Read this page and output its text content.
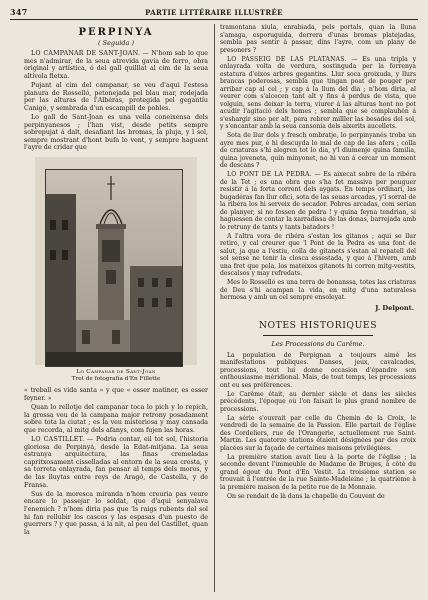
347	PARTIE LITTÉRAIRE ILLUSTRÉE
PERPINYA
( Seguida )

LO CAMPANAR DE SANT-JOAN. — N'hom sab lo que mes n'admirar, de la seua atrevida gavia de ferro, obra original y artística, ó del gall quilllat al cim de la seua altívola fletxa.

Pujant al cim del campanar, se veu d'aqui l'estesa planura de Rosselló, petonejada pel blau mar, rodejada per las alturas de l'Albéras, protegida pel gegantíu Canigó, y sembrada d'un escampill de pobles.

Lo gall de Sant-Joan es una vella coneixensa dels perpinyanesos ; l'han vist, desde petits sempre sobrepujat á dalt, desafiant las bromas, la pluja, y l sol, sempre mostrant d'hont bufa lo vent, y sempre haguent l'ayre de cridar que

Lo Campanar de Sant-Joan
Tret de fotografía d'En Fillette

« treball es vida santa » y que « esser matiner, es esser feyner. »

Quan lo rellotje del campanar toca lo pich y lo repich, la grossa veu de la campana major retrony posadament sobre tota la ciutat ; es la veu misteriosa y may cansada que recorda, al mitg dels afanys, com fujen las horas.

LO CASTILLET. — Podria contar, eil tot sol, l'historia gloriosa de Perpinyá, desde la Edat-mitjana. La seua estranya arquitectura, las finas cremeladas capritxosament cisselladas al entorn de la seua cresta, y sa torreta enlayrada, fan pensar al temps dels moros, y de las lluytas entre reys de Aragó, de Castella, y de Fransa.

Sus de la moresca miranda n'hom creuria pas veure encare lo passejar lo soldat, que d'aqui senyalava l'enemich ? n'hom diria pas que 'ls raigs rubents del sol hi fan rellubir los cascos y las espasas d'un puesto de guerrers ? y que passa, á la nit, al peu del Castillet, quan la

tramontana xiula, enrabiada, pels portals, quan la lluna s'amaga, esporuguida, derrera d'unas bromas platejadas, sembla pas sentir á passar, dins l'ayre, com un plany de presoners ?

LO PASSEIG DE LAS PLATANAS. — Es una tripla y enlayrada volta de verdura, sostinguda per la ferrenya estatura d'eixos arbres gegantins. Llur soca groixuda, y llurs brancas poderosas, sembla que tingan poat de pouger per arribar cap al cel ; y cap á la llum del dia ; n'hom diria, al veurer com s'alcecen tant alt y fins á perdus de vista, que volguin, sens deixar la terra, viurer á las alturas hont no pot acudir l'agitació dels homes ; sembla que se complauhén á s'eshargir sino per alt, pera rebrer milller las besades del sol, y s'encantar amb la seua cansonia dels aixerits aucellets.

Sota de llur dols y fresch ombratje, lo perpinyanés troba un ayre mes pur, é hi descuyda lo mal de cap de las afers ; colla de criaturas s'hi alegren tot lo dia, y'l diumenje quina familia, quina joveneta, quin minyonet, no hi van á cercar un moment de descans ?

LO PONT DE LA PEDRA. — Es aixecat sobre de la ribéra de la Tet ; es una obra que s'ha fet massiva per pouguer resistir á la forta corrent dels aygats. En temps ordinari, las bugadéras fan llur ofici, sota de las seuas arcadas, y'l sorral de la ribéra los hi serveix de secador. Pobres arcadas, com serian de planyer, si no fossen de pedra ! y quina feyna tendrian, si haguessen de contar la xarradissa de las donas, barrejada amb lo retruny de tants y tants batadors !

A l'altra vora de ribéra s'estan los gitanos ; aqui se llur retiro, y cal creurer que 'l Pont de la Pedra es una font de salut, ja que a l'estiu, colla de gitanets s'estan al repatell del sol sense ne tenir la closca essestada, y que á l'hivern, amb una fret que pela, los mateixos gitanots hi corren mitg-vestits, descalsos y may refredats.

Mes lo Rosselló es una terra de bonanssa, totes las criaturas de Deu s'hi acampan la vida, en mitg d'una naturalesa hermosa y amb un cel sempre ensoleyat.

J. Delpont.
NOTES HISTORIQUES
Les Processions du Carême.

La population de Perpignan a toujours aimé les manifestations publiques. Danses, jeux, cavalcades, processions, tout lui donne occasion d'épandre son enthousiasme méridional. Mais, de tout temps, les processions ont eu ses préférences.

Le Carême était, au dernier siècle et dans les siècles précédents, l'époque où l'on faisait le plus grand nombre de processions.

La série s'ouvrait par celle du Chemin de la Croix, le vendredi de la semaine de la Passion. Elle partait de l'église des Cordeliers, rue de l'Orangerie, actuellement rue Saint-Martin. Les quatorze stations étaient désignées par des croix placées sur la façade de certaines maisons privilégiées.

La première station avait lieu à la porte de l'église ; la seconde devant l'immeuble de Madame de Bruges, à côté du grand égout du Pont d'En Vestit. La troisième station se trouvait à l'entrée de la rue Sainte-Madeleine ; la quatrième à la première maison de la petite rue de la Monnaie.

On se rendait de là dans la chapelle du Couvent de
